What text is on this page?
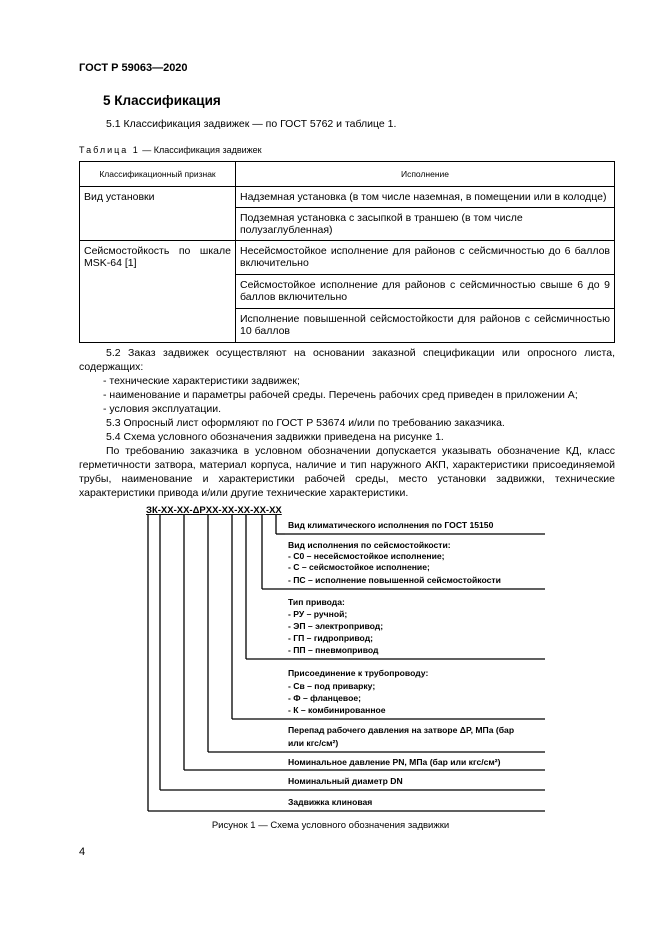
ГОСТ Р 59063—2020
5 Классификация
5.1 Классификация задвижек — по ГОСТ 5762 и таблице 1.
Таблица 1 — Классификация задвижек
Классификационный признак	Исполнение
Вид установки	Надземная установка (в том числе наземная, в помещении или в колодце)
	Подземная установка с засыпкой в траншею (в том числе полузаглубленная)
Сейсмостойкость по шкале MSK-64 [1]	Несейсмостойкое исполнение для районов с сейсмичностью до 6 баллов включительно
	Сейсмостойкое исполнение для районов с сейсмичностью свыше 6 до 9 баллов включительно
	Исполнение повышенной сейсмостойкости для районов с сейсмичностью 10 баллов
5.2 Заказ задвижек осуществляют на основании заказной спецификации или опросного листа, содержащих:
- технические характеристики задвижек;
- наименование и параметры рабочей среды. Перечень рабочих сред приведен в приложении А;
- условия эксплуатации.
5.3 Опросный лист оформляют по ГОСТ Р 53674 и/или по требованию заказчика.
5.4 Схема условного обозначения задвижки приведена на рисунке 1.
По требованию заказчика в условном обозначении допускается указывать обозначение КД, класс герметичности затвора, материал корпуса, наличие и тип наружного АКП, характеристики присоединяемой трубы, наименование и характеристики рабочей среды, место установки задвижки, технические характеристики привода и/или другие технические характеристики.
ЗК-XX-XX-ΔPXX-XX-XX-XX-XX
Вид климатического исполнения по ГОСТ 15150
Вид исполнения по сейсмостойкости:
- С0 – несейсмостойкое исполнение;
- С – сейсмостойкое исполнение;
- ПС – исполнение повышенной сейсмостойкости
Тип привода:
- РУ – ручной;
- ЭП – электропривод;
- ГП – гидропривод;
- ПП – пневмопривод
Присоединение к трубопроводу:
- Св – под приварку;
- Ф – фланцевое;
- К – комбинированное
Перепад рабочего давления на затворе ΔP, МПа (бар
или кгс/см²)
Номинальное давление PN, МПа (бар или кгс/см²)
Номинальный диаметр DN
Задвижка клиновая
Рисунок 1 — Схема условного обозначения задвижки
4
